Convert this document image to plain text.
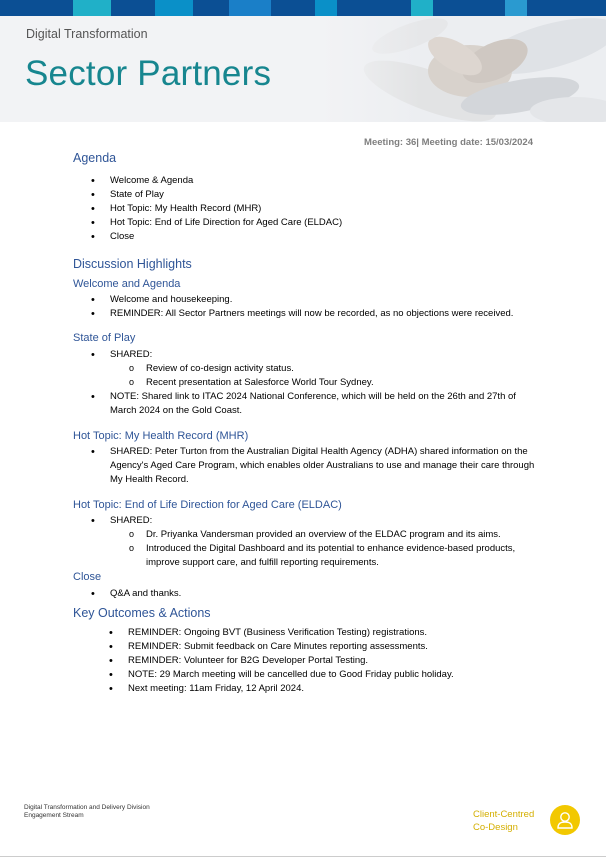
Digital Transformation
Sector Partners
Meeting: 36| Meeting date: 15/03/2024
Agenda
• Welcome & Agenda
• State of Play
• Hot Topic: My Health Record (MHR)
• Hot Topic: End of Life Direction for Aged Care (ELDAC)
• Close
Discussion Highlights
Welcome and Agenda
• Welcome and housekeeping.
• REMINDER: All Sector Partners meetings will now be recorded, as no objections were received.
State of Play
• SHARED:
o Review of co-design activity status.
o Recent presentation at Salesforce World Tour Sydney.
• NOTE: Shared link to ITAC 2024 National Conference, which will be held on the 26th and 27th of March 2024 on the Gold Coast.
Hot Topic: My Health Record (MHR)
• SHARED: Peter Turton from the Australian Digital Health Agency (ADHA) shared information on the Agency's Aged Care Program, which enables older Australians to use and manage their care through My Health Record.
Hot Topic: End of Life Direction for Aged Care (ELDAC)
• SHARED:
o Dr. Priyanka Vandersman provided an overview of the ELDAC program and its aims.
o Introduced the Digital Dashboard and its potential to enhance evidence-based products, improve support care, and fulfill reporting requirements.
Close
• Q&A and thanks.
Key Outcomes & Actions
• REMINDER: Ongoing BVT (Business Verification Testing) registrations.
• REMINDER: Submit feedback on Care Minutes reporting assessments.
• REMINDER: Volunteer for B2G Developer Portal Testing.
• NOTE: 29 March meeting will be cancelled due to Good Friday public holiday.
• Next meeting: 11am Friday, 12 April 2024.
Digital Transformation and Delivery Division
Engagement Stream	Client-Centred
Co-Design
